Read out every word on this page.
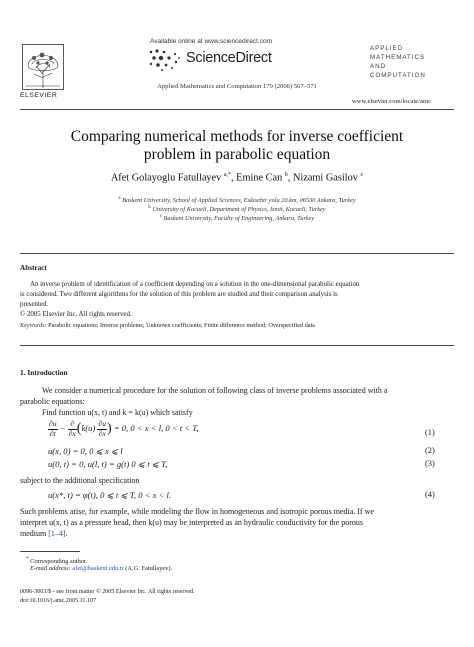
Available online at www.sciencedirect.com
ScienceDirect
ELSEVIER
APPLIED
MATHEMATICS
AND
COMPUTATION
Applied Mathematics and Computation 179 (2006) 567–571
www.elsevier.com/locate/amc
Comparing numerical methods for inverse coefficient
problem in parabolic equation
Afet Golayoglu Fatullayev $^{a,*}$, Emine Can $^b$, Nizami Gasilov $^c$
$^a$ Baskent University, School of Applied Sciences, Eskisehir yolu 20.km, 06530 Ankara, Turkey
$^b$ University of Kocaeli, Department of Physics, Izmit, Kocaeli, Turkey
$^c$ Baskent University, Faculty of Engineering, Ankara, Turkey
Abstract
An inverse problem of identification of a coefficient depending on a solution in the one-dimensional parabolic equation
is considered. Two different algorithms for the solution of this problem are studied and their comparison analysis is
presented.
© 2005 Elsevier Inc. All rights reserved.
Keywords: Parabolic equations; Inverse problems; Unknown coefficients; Finite difference method; Overspecified data
1. Introduction
We consider a numerical procedure for the solution of following class of inverse problems associated with a
parabolic equations:
Find function u(x, t) and k = k(u) which satisfy
$\frac{\partial u}{\partial t} - \frac{\partial}{\partial x} (k(u) \frac{\partial u}{\partial x}$ ) = 0, 0 < x < l, 0 < t < T,	(1)
u(x, 0) = 0, 0 ⩽ x ⩽ l	(2)
u(0, t) = 0, u(l, t) = g(t) 0 ⩽ t ⩽ T,	(3)
subject to the additional specification
u(x*, t) = φ(t), 0 ⩽ t ⩽ T, 0 < x < l.	(4)
Such problems arise, for example, while modeling the flow in homogeneous and isotropic porous media. If we
interpret u(x, t) as a pressure head, then k(u) may be interpreted as an hydraulic conductivity for the porous
medium [1–4].
* Corresponding author.
E-mail address: afet@baskent.edu.tr (A.G. Fatullayev).
0096-3003/$ - see front matter © 2005 Elsevier Inc. All rights reserved.
doi:10.1016/j.amc.2005.11.107
